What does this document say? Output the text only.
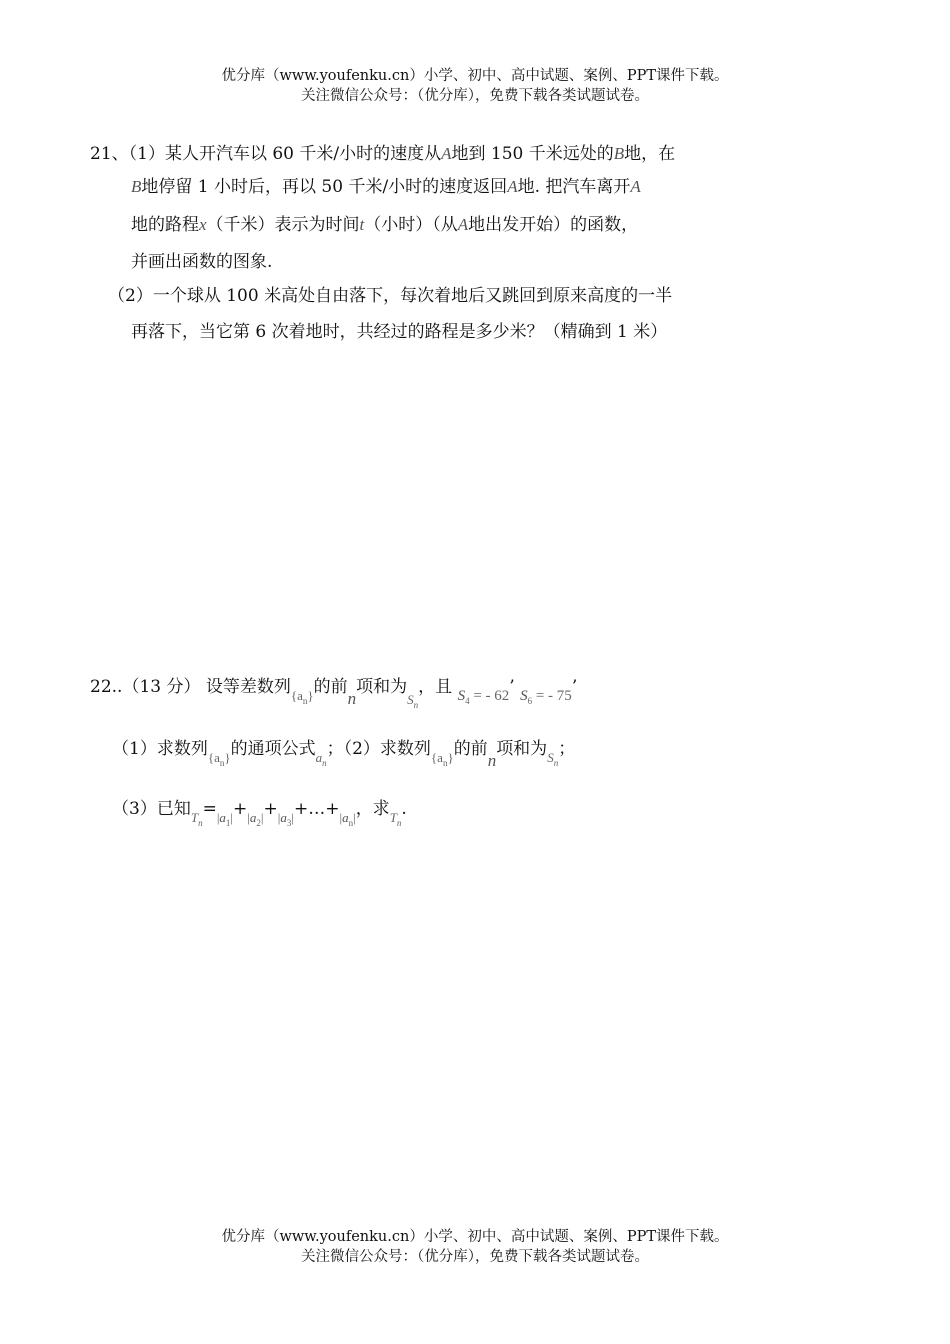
优分库（www.youfenku.cn）小学、初中、高中试题、案例、PPT课件下载。
关注微信公众号：（优分库），免费下载各类试题试卷。
21、（1）某人开汽车以 60 千米/小时的速度从A地到 150 千米远处的B地，在
B地停留 1 小时后，再以 50 千米/小时的速度返回A地. 把汽车离开A
地的路程x（千米）表示为时间t（小时）（从A地出发开始）的函数，
并画出函数的图象.
（2）一个球从 100 米高处自由落下，每次着地后又跳回到原来高度的一半
再落下，当它第 6 次着地时，共经过的路程是多少米？（精确到 1 米）
22..（13 分） 设等差数列$_{\{a_n\}}$的前n项和为$_{S_n}$，且 $S_4$ = - 62’ $S_6$ = - 75’
（1）求数列$_{\{a_n\}}$的通项公式$_{a_n}$；（2）求数列$_{\{a_n\}}$的前n项和为$_{S_n}$；
（3）已知$_{T_n}=_{|a_1|}+_{|a_2|}+_{|a_3|}+\dots+_{|a_n|}$，求$_{T_n}$.
优分库（www.youfenku.cn）小学、初中、高中试题、案例、PPT课件下载。
关注微信公众号：（优分库），免费下载各类试题试卷。
